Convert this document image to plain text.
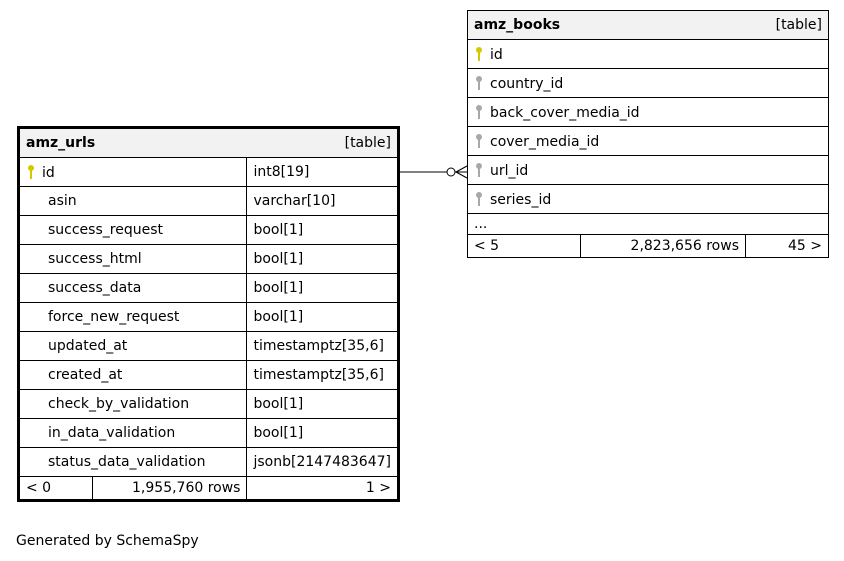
amz_books	[table]

id
country_id
back_cover_media_id
cover_media_id
url_id
series_id
...
< 5	2,823,656 rows	45 >
amz_urls [table]		

id		int8[19]
asin		varchar[10]
success_request		bool[1]
success_html		bool[1]
success_data		bool[1]
force_new_request		bool[1]
updated_at		timestamptz[35,6]
created_at		timestamptz[35,6]
check_by_validation		bool[1]
in_data_validation		bool[1]
status_data_validation		jsonb[2147483647]
< 0	1,955,760 rows	1 >
Generated by SchemaSpy
